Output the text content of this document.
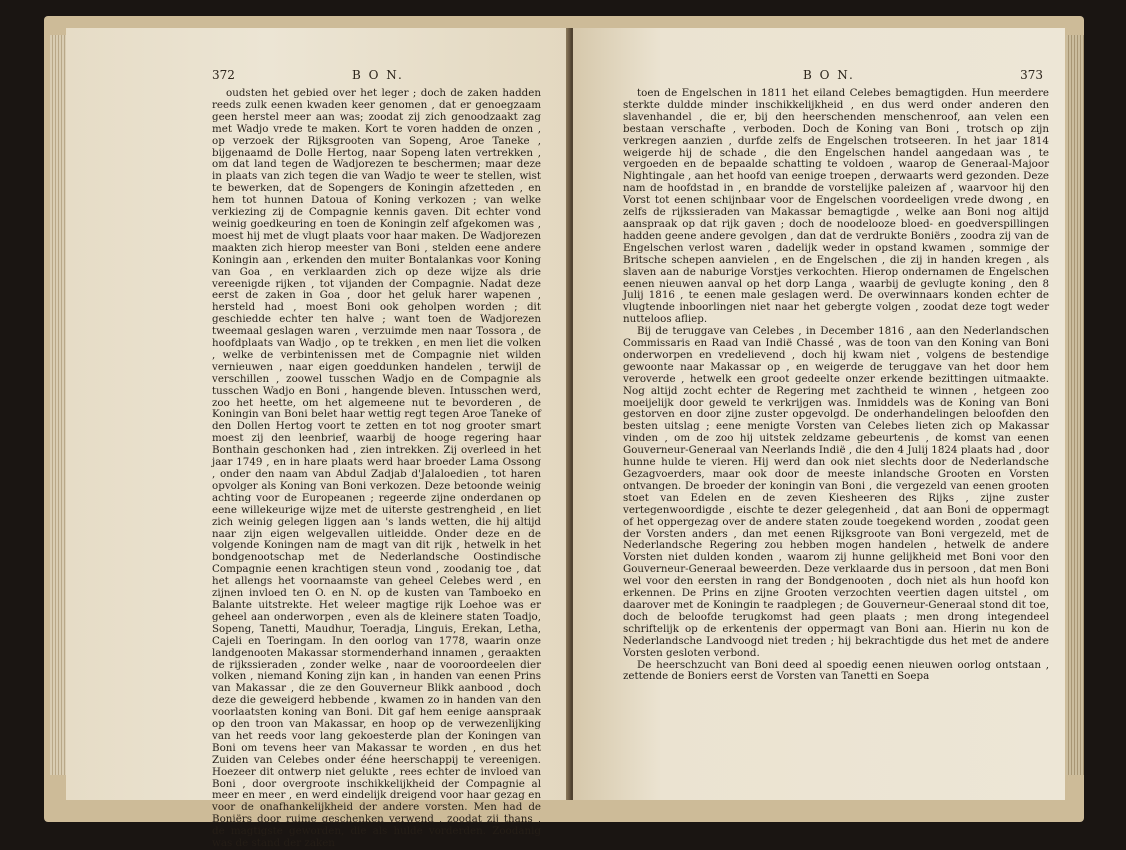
372	B O N.

oudsten het gebied over het leger ; doch de zaken hadden reeds zulk eenen kwaden keer genomen , dat er genoegzaam geen herstel meer aan was; zoodat zij zich genoodzaakt zag met Wadjo vrede te maken. Kort te voren hadden de onzen , op verzoek der Rijksgrooten van Sopeng, Aroe Taneke , bijgenaamd de Dolle Hertog, naar Sopeng laten vertrekken , om dat land tegen de Wadjorezen te beschermen; maar deze in plaats van zich tegen die van Wadjo te weer te stellen, wist te bewerken, dat de Sopengers de Koningin afzetteden , en hem tot hunnen Datoua of Koning verkozen ; van welke verkiezing zij de Compagnie kennis gaven. Dit echter vond weinig goedkeuring en toen de Koningin zelf afgekomen was , moest hij met de vlugt plaats voor haar maken. De Wadjorezen maakten zich hierop meester van Boni , stelden eene andere Koningin aan , erkenden den muiter Bontalankas voor Koning van Goa , en verklaarden zich op deze wijze als drie vereenigde rijken , tot vijanden der Compagnie. Nadat deze eerst de zaken in Goa , door het geluk harer wapenen , hersteld had , moest Boni ook geholpen worden ; dit geschiedde echter ten halve ; want toen de Wadjorezen tweemaal geslagen waren , verzuimde men naar Tossora , de hoofdplaats van Wadjo , op te trekken , en men liet die volken , welke de verbintenissen met de Compagnie niet wilden vernieuwen , naar eigen goeddunken handelen , terwijl de verschillen , zoowel tusschen Wadjo en de Compagnie als tusschen Wadjo en Boni , hangende bleven. Intusschen werd, zoo het heette, om het algemeene nut te bevorderen , de Koningin van Boni belet haar wettig regt tegen Aroe Taneke of den Dollen Hertog voort te zetten en tot nog grooter smart moest zij den leenbrief, waarbij de hooge regering haar Bonthain geschonken had , zien intrekken. Zij overleed in het jaar 1749 , en in hare plaats werd haar broeder Lama Ossong , onder den naam van Abdul Zadjab d'Jalaloedien , tot haren opvolger als Koning van Boni verkozen. Deze betoonde weinig achting voor de Europeanen ; regeerde zijne onderdanen op eene willekeurige wijze met de uiterste gestrengheid , en liet zich weinig gelegen liggen aan 's lands wetten, die hij altijd naar zijn eigen welgevallen uitleidde. Onder deze en de volgende Koningen nam de magt van dit rijk , hetwelk in het bondgenootschap met de Nederlandsche Oostindische Compagnie eenen krachtigen steun vond , zoodanig toe , dat het allengs het voornaamste van geheel Celebes werd , en zijnen invloed ten O. en N. op de kusten van Tamboeko en Balante uitstrekte. Het weleer magtige rijk Loehoe was er geheel aan onderworpen , even als de kleinere staten Toadjo, Sopeng, Tanetti, Maudhur, Toeradja, Linguis, Erekan, Letha, Cajeli en Toeringam. In den oorlog van 1778, waarin onze landgenooten Makassar stormenderhand innamen , geraakten de rijkssieraden , zonder welke , naar de vooroordeelen dier volken , niemand Koning zijn kan , in handen van eenen Prins van Makassar , die ze den Gouverneur Blikk aanbood , doch deze die geweigerd hebbende , kwamen zo in handen van den voorlaatsten koning van Boni. Dit gaf hem eenige aanspraak op den troon van Makassar, en hoop op de verwezenlijking van het reeds voor lang gekoesterde plan der Koningen van Boni om tevens heer van Makassar te worden , en dus het Zuiden van Celebes onder ééne heerschappij te vereenigen. Hoezeer dit ontwerp niet gelukte , rees echter de invloed van Boni , door overgroote inschikkelijkheid der Compagnie al meer en meer , en werd eindelijk dreigend voor haar gezag en voor de onafhankelijkheid der andere vorsten. Men had de Boniërs door ruime geschenken verwend , zoodat zij thans , de magtigste geworden, die als hulde vorderden. Zoodanig was de stand der zaken

B O N.	373

toen de Engelschen in 1811 het eiland Celebes bemagtigden. Hun meerdere sterkte duldde minder inschikkelijkheid , en dus werd onder anderen den slavenhandel , die er, bij den heerschenden menschenroof, aan velen een bestaan verschafte , verboden. Doch de Koning van Boni , trotsch op zijn verkregen aanzien , durfde zelfs de Engelschen trotseeren. In het jaar 1814 weigerde hij de schade , die den Engelschen handel aangedaan was , te vergoeden en de bepaalde schatting te voldoen , waarop de Generaal-Majoor Nightingale , aan het hoofd van eenige troepen , derwaarts werd gezonden. Deze nam de hoofdstad in , en brandde de vorstelijke paleizen af , waarvoor hij den Vorst tot eenen schijnbaar voor de Engelschen voordeeligen vrede dwong , en zelfs de rijkssieraden van Makassar bemagtigde , welke aan Boni nog altijd aanspraak op dat rijk gaven ; doch de noodelooze bloed- en goedverspillingen hadden geene andere gevolgen , dan dat de verdrukte Boniërs , zoodra zij van de Engelschen verlost waren , dadelijk weder in opstand kwamen , sommige der Britsche schepen aanvielen , en de Engelschen , die zij in handen kregen , als slaven aan de naburige Vorstjes verkochten. Hierop ondernamen de Engelschen eenen nieuwen aanval op het dorp Langa , waarbij de gevlugte koning , den 8 Julij 1816 , te eenen male geslagen werd. De overwinnaars konden echter de vlugtende inboorlingen niet naar het gebergte volgen , zoodat deze togt weder nutteloos afliep.

Bij de teruggave van Celebes , in December 1816 , aan den Nederlandschen Commissaris en Raad van Indië Chassé , was de toon van den Koning van Boni onderworpen en vredelievend , doch hij kwam niet , volgens de bestendige gewoonte naar Makassar op , en weigerde de teruggave van het door hem veroverde , hetwelk een groot gedeelte onzer erkende bezittingen uitmaakte. Nog altijd zocht echter de Regering met zachtheid te winnen , hetgeen zoo moeijelijk door geweld te verkrijgen was. Inmiddels was de Koning van Boni gestorven en door zijne zuster opgevolgd. De onderhandelingen beloofden den besten uitslag ; eene menigte Vorsten van Celebes lieten zich op Makassar vinden , om de zoo hij uitstek zeldzame gebeurtenis , de komst van eenen Gouverneur-Generaal van Neerlands Indië , die den 4 Julij 1824 plaats had , door hunne hulde te vieren. Hij werd dan ook niet slechts door de Nederlandsche Gezagvoerders, maar ook door de meeste inlandsche Grooten en Vorsten ontvangen. De broeder der koningin van Boni , die vergezeld van eenen grooten stoet van Edelen en de zeven Kiesheeren des Rijks , zijne zuster vertegenwoordigde , eischte te dezer gelegenheid , dat aan Boni de oppermagt of het oppergezag over de andere staten zoude toegekend worden , zoodat geen der Vorsten anders , dan met eenen Rijksgroote van Boni vergezeld, met de Nederlandsche Regering zou hebben mogen handelen , hetwelk de andere Vorsten niet dulden konden , waarom zij hunne gelijkheid met Boni voor den Gouverneur-Generaal beweerden. Deze verklaarde dus in persoon , dat men Boni wel voor den eersten in rang der Bondgenooten , doch niet als hun hoofd kon erkennen. De Prins en zijne Grooten verzochten veertien dagen uitstel , om daarover met de Koningin te raadplegen ; de Gouverneur-Generaal stond dit toe, doch de beloofde terugkomst had geen plaats ; men drong integendeel schriftelijk op de erkentenis der oppermagt van Boni aan. Hierin nu kon de Nederlandsche Landvoogd niet treden ; hij bekrachtigde dus het met de andere Vorsten gesloten verbond.

De heerschzucht van Boni deed al spoedig eenen nieuwen oorlog ontstaan , zettende de Boniers eerst de Vorsten van Tanetti en Soepa
